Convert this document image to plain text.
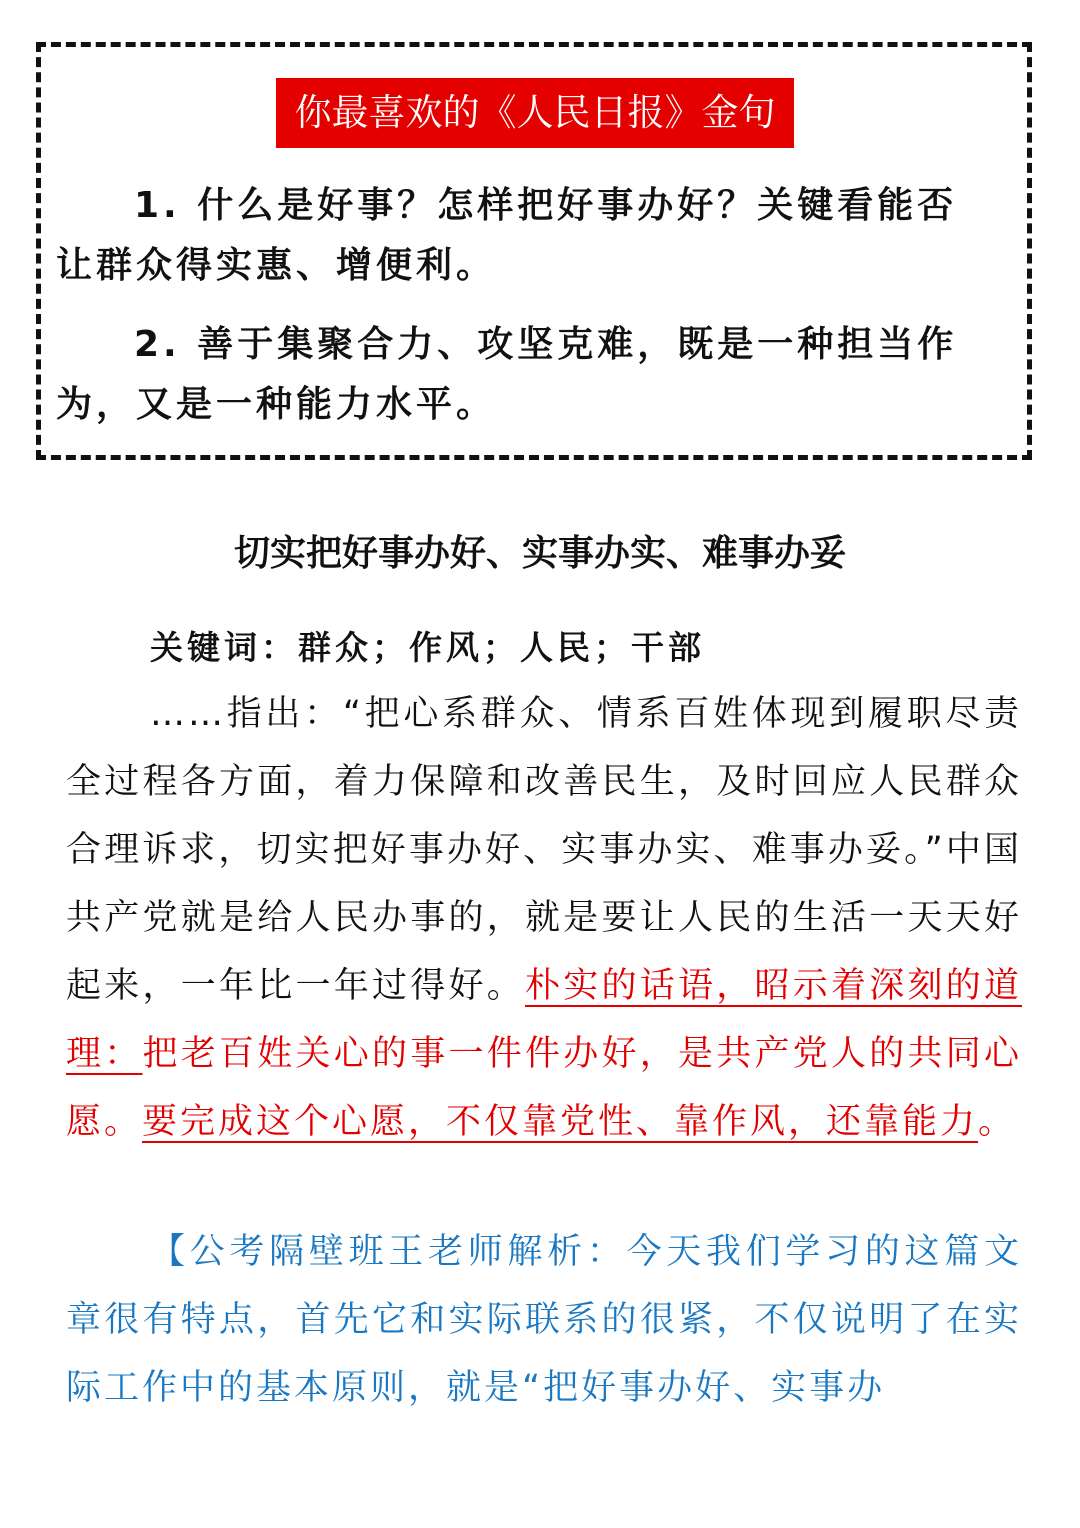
你最喜欢的《人民日报》金句

1. 什么是好事？怎样把好事办好？关键看能否让群众得实惠、增便利。

2. 善于集聚合力、攻坚克难，既是一种担当作为，又是一种能力水平。

切实把好事办好、实事办实、难事办妥

关键词：群众；作风；人民；干部

……指出：“把心系群众、情系百姓体现到履职尽责全过程各方面，着力保障和改善民生，及时回应人民群众合理诉求，切实把好事办好、实事办实、难事办妥。”中国共产党就是给人民办事的，就是要让人民的生活一天天好起来，一年比一年过得好。朴实的话语，昭示着深刻的道理：把老百姓关心的事一件件办好，是共产党人的共同心愿。要完成这个心愿，不仅靠党性、靠作风，还靠能力。

【公考隔壁班王老师解析：今天我们学习的这篇文章很有特点，首先它和实际联系的很紧，不仅说明了在实际工作中的基本原则，就是“把好事办好、实事办
